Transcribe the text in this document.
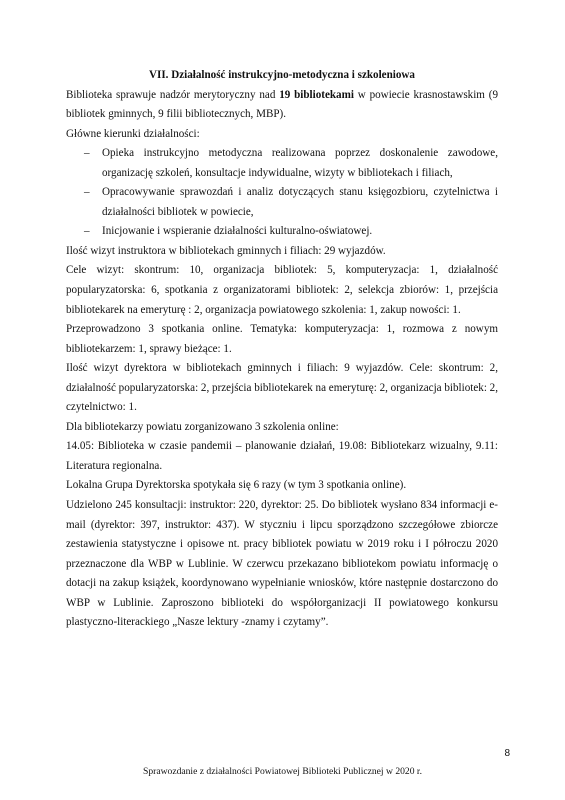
VII. Działalność instrukcyjno-metodyczna i szkoleniowa

Biblioteka sprawuje nadzór merytoryczny nad 19 bibliotekami w powiecie krasnostawskim (9 bibliotek gminnych, 9 filii bibliotecznych, MBP).

Główne kierunki działalności:

– Opieka instrukcyjno metodyczna realizowana poprzez doskonalenie zawodowe, organizację szkoleń, konsultacje indywidualne, wizyty w bibliotekach i filiach,
– Opracowywanie sprawozdań i analiz dotyczących stanu księgozbioru, czytelnictwa i działalności bibliotek w powiecie,
– Inicjowanie i wspieranie działalności kulturalno-oświatowej.

Ilość wizyt instruktora w bibliotekach gminnych i filiach: 29 wyjazdów.

Cele wizyt: skontrum: 10, organizacja bibliotek: 5, komputeryzacja: 1, działalność popularyzatorska: 6, spotkania z organizatorami bibliotek: 2, selekcja zbiorów: 1, przejścia bibliotekarek na emeryturę : 2, organizacja powiatowego szkolenia: 1, zakup nowości: 1.

Przeprowadzono 3 spotkania online. Tematyka: komputeryzacja: 1, rozmowa z nowym bibliotekarzem: 1, sprawy bieżące: 1.

Ilość wizyt dyrektora w bibliotekach gminnych i filiach: 9 wyjazdów. Cele: skontrum: 2, działalność popularyzatorska: 2, przejścia bibliotekarek na emeryturę: 2, organizacja bibliotek: 2, czytelnictwo: 1.

Dla bibliotekarzy powiatu zorganizowano 3 szkolenia online:

14.05: Biblioteka w czasie pandemii – planowanie działań, 19.08: Bibliotekarz wizualny, 9.11: Literatura regionalna.

Lokalna Grupa Dyrektorska spotykała się 6 razy (w tym 3 spotkania online).

Udzielono 245 konsultacji: instruktor: 220, dyrektor: 25. Do bibliotek wysłano 834 informacji e-mail (dyrektor: 397, instruktor: 437). W styczniu i lipcu sporządzono szczegółowe zbiorcze zestawienia statystyczne i opisowe nt. pracy bibliotek powiatu w 2019 roku i I półroczu 2020 przeznaczone dla WBP w Lublinie. W czerwcu przekazano bibliotekom powiatu informację o dotacji na zakup książek, koordynowano wypełnianie wniosków, które następnie dostarczono do WBP w Lublinie. Zaproszono biblioteki do współorganizacji II powiatowego konkursu plastyczno-literackiego „Nasze lektury -znamy i czytamy”.

8
Sprawozdanie z działalności Powiatowej Biblioteki Publicznej w 2020 r.
